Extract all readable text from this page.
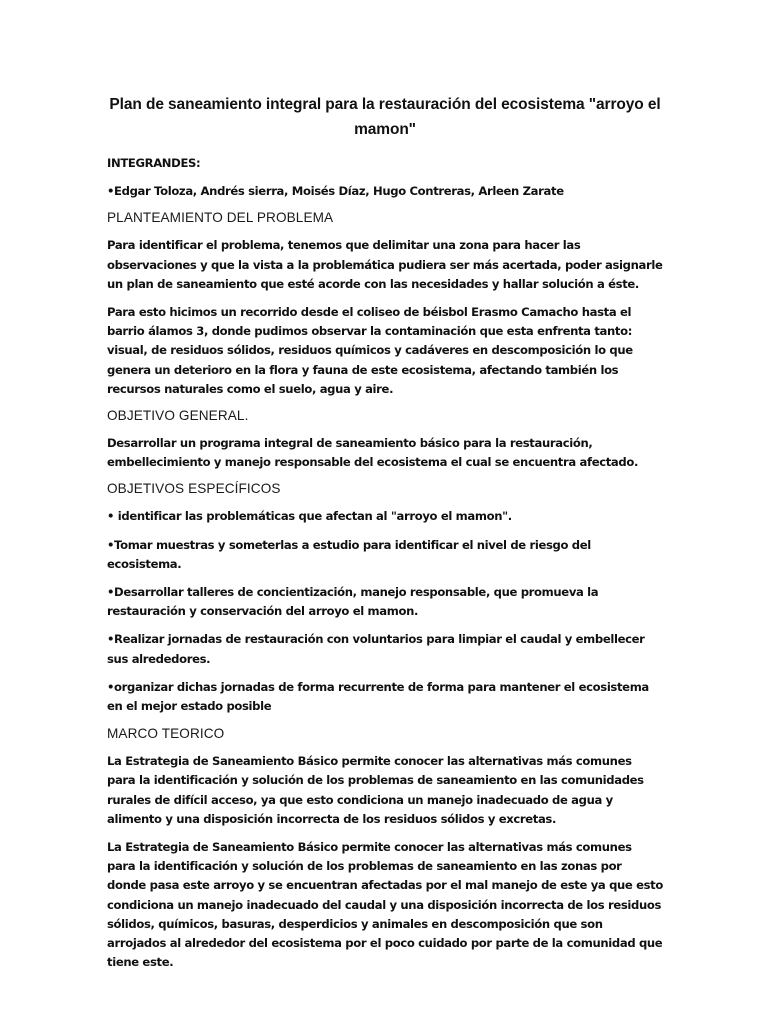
Plan de saneamiento integral para la restauración del ecosistema "arroyo el mamon"

INTEGRANDES:

•Edgar Toloza, Andrés sierra, Moisés Díaz, Hugo Contreras, Arleen Zarate

PLANTEAMIENTO DEL PROBLEMA

Para identificar el problema, tenemos que delimitar una zona para hacer las observaciones y que la vista a la problemática pudiera ser más acertada, poder asignarle un plan de saneamiento que esté acorde con las necesidades y hallar solución a éste.

Para esto hicimos un recorrido desde el coliseo de béisbol Erasmo Camacho hasta el barrio álamos 3, donde pudimos observar la contaminación que esta enfrenta tanto: visual, de residuos sólidos, residuos químicos y cadáveres en descomposición lo que genera un deterioro en la flora y fauna de este ecosistema, afectando también los recursos naturales como el suelo, agua y aire.

OBJETIVO GENERAL.

Desarrollar un programa integral de saneamiento básico para la restauración, embellecimiento y manejo responsable del ecosistema el cual se encuentra afectado.

OBJETIVOS ESPECÍFICOS

• identificar las problemáticas que afectan al "arroyo el mamon".
•Tomar muestras y someterlas a estudio para identificar el nivel de riesgo del ecosistema.
•Desarrollar talleres de concientización, manejo responsable, que promueva la restauración y conservación del arroyo el mamon.
•Realizar jornadas de restauración con voluntarios para limpiar el caudal y embellecer sus alrededores.
•organizar dichas jornadas de forma recurrente de forma para mantener el ecosistema en el mejor estado posible

MARCO TEORICO

La Estrategia de Saneamiento Básico permite conocer las alternativas más comunes para la identificación y solución de los problemas de saneamiento en las comunidades rurales de difícil acceso, ya que esto condiciona un manejo inadecuado de agua y alimento y una disposición incorrecta de los residuos sólidos y excretas.

La Estrategia de Saneamiento Básico permite conocer las alternativas más comunes para la identificación y solución de los problemas de saneamiento en las zonas por donde pasa este arroyo y se encuentran afectadas por el mal manejo de este ya que esto condiciona un manejo inadecuado del caudal y una disposición incorrecta de los residuos sólidos, químicos, basuras, desperdicios y animales en descomposición que son arrojados al alrededor del ecosistema por el poco cuidado por parte de la comunidad que tiene este.
